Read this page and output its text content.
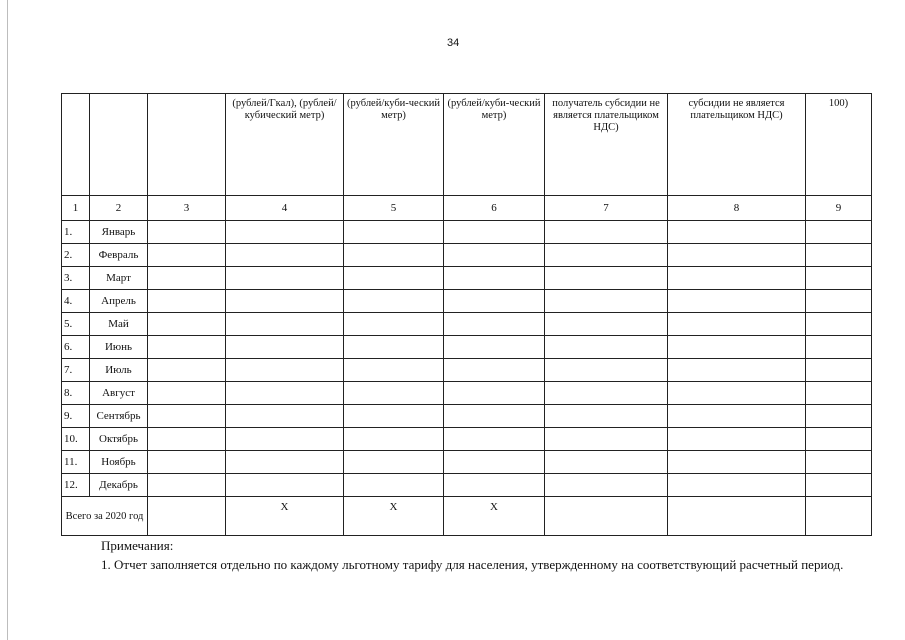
34
			(рублей/Гкал), (рублей/кубический метр)	(рублей/куби-ческий метр)	(рублей/куби-ческий метр)	получатель субсидии не является плательщиком НДС)	субсидии не является плательщиком НДС)	100)
1	2	3	4	5	6	7	8	9
1.	Январь							
2.	Февраль							
3.	Март							
4.	Апрель							
5.	Май							
6.	Июнь							
7.	Июль							
8.	Август							
9.	Сентябрь							
10.	Октябрь							
11.	Ноябрь							
12.	Декабрь							
Всего за 2020 год			Х	Х	Х			
Примечания:
1. Отчет заполняется отдельно по каждому льготному тарифу для населения, утвержденному на соответствующий расчетный период.
